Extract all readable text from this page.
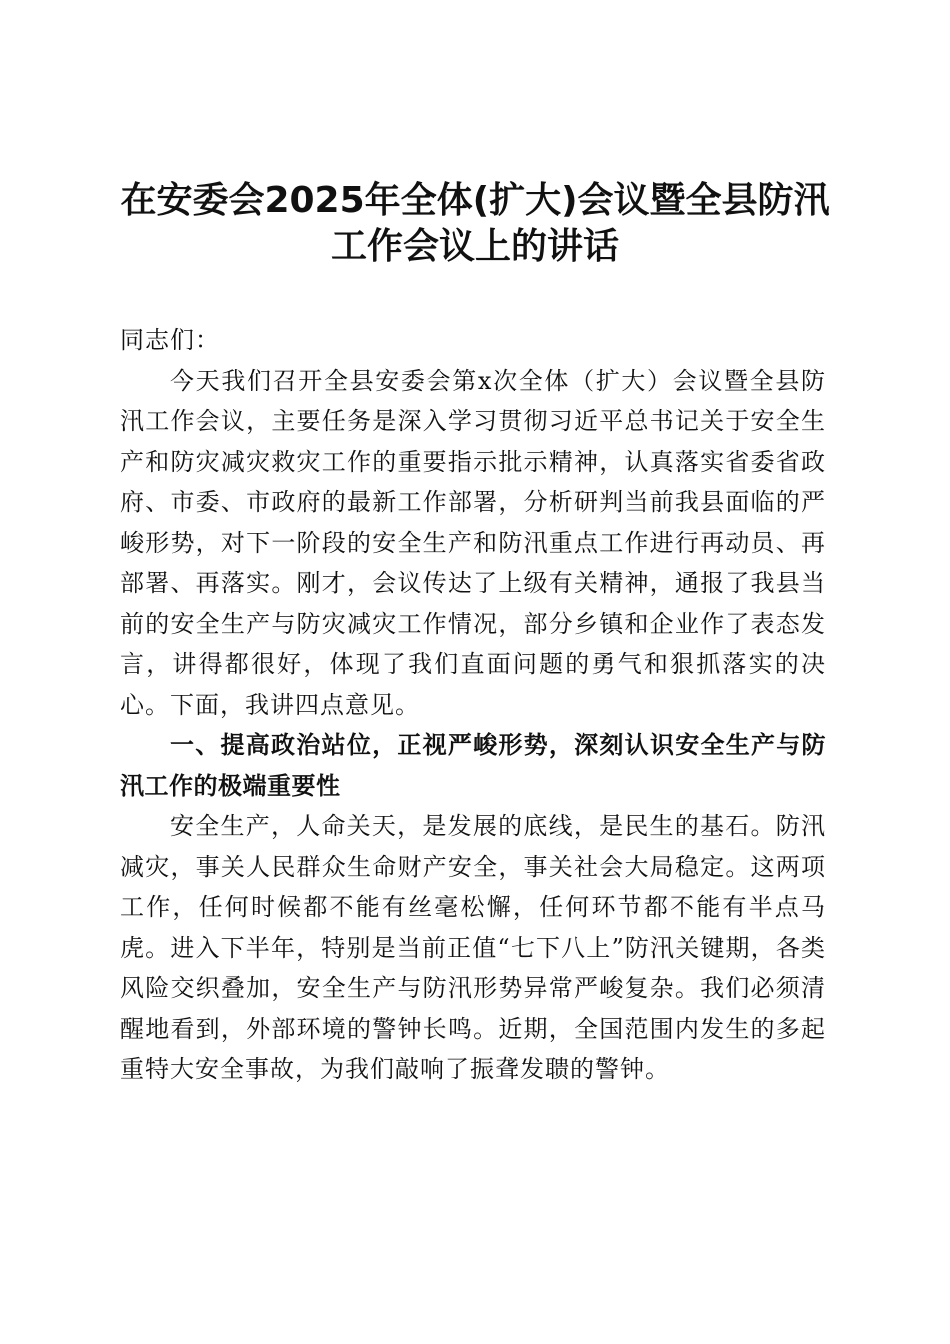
在安委会2025年全体(扩大)会议暨全县防汛工作会议上的讲话

同志们：

今天我们召开全县安委会第x次全体（扩大）会议暨全县防汛工作会议，主要任务是深入学习贯彻习近平总书记关于安全生产和防灾减灾救灾工作的重要指示批示精神，认真落实省委省政府、市委、市政府的最新工作部署，分析研判当前我县面临的严峻形势，对下一阶段的安全生产和防汛重点工作进行再动员、再部署、再落实。刚才，会议传达了上级有关精神，通报了我县当前的安全生产与防灾减灾工作情况，部分乡镇和企业作了表态发言，讲得都很好，体现了我们直面问题的勇气和狠抓落实的决心。下面，我讲四点意见。

一、提高政治站位，正视严峻形势，深刻认识安全生产与防汛工作的极端重要性

安全生产，人命关天，是发展的底线，是民生的基石。防汛减灾，事关人民群众生命财产安全，事关社会大局稳定。这两项工作，任何时候都不能有丝毫松懈，任何环节都不能有半点马虎。进入下半年，特别是当前正值“七下八上”防汛关键期，各类风险交织叠加，安全生产与防汛形势异常严峻复杂。我们必须清醒地看到，外部环境的警钟长鸣。近期，全国范围内发生的多起重特大安全事故，为我们敲响了振聋发聩的警钟。
